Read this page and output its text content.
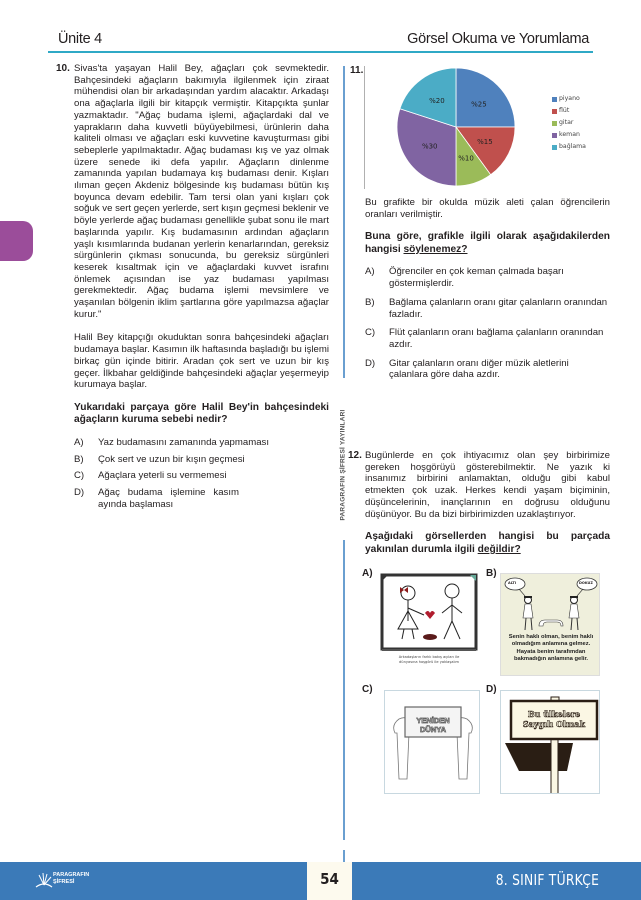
Ünite 4	Görsel Okuma ve Yorumlama
PARAGRAFIN ŞİFRESİ YAYINLARI
10. Sivas'ta yaşayan Halil Bey, ağaçları çok sevmektedir. Bahçesindeki ağaçların bakımıyla ilgilenmek için ziraat mühendisi olan bir arkadaşından yardım alacaktır. Arkadaşı ona ağaçlarla ilgili bir kitapçık vermiştir. Kitapçıkta şunlar yazmaktadır. "Ağaç budama işlemi, ağaçlardaki dal ve yaprakların daha kuvvetli büyüyebilmesi, ürünlerin daha kaliteli olması ve ağaçları eski kuvvetine kavuşturması gibi sebeplerle yapılmaktadır. Ağaç budaması kış ve yaz olmak üzere senede iki defa yapılır. Ağaçların dinlenme zamanında yapılan budamaya kış budaması denir. Kışları ılıman geçen Akdeniz bölgesinde kış budaması bütün kış boyunca devam edebilir. Tam tersi olan yani kışları çok soğuk ve sert geçen yerlerde, sert kışın geçmesi beklenir ve böyle yerlerde ağaç budaması genellikle şubat sonu ile mart başlarında yapılır. Kış budamasının ardından ağaçların yaşlı kısımlarında budanan yerlerin kenarlarından, gereksiz sürgünlerin çıkması sonucunda, bu gereksiz sürgünleri keserek kısaltmak için ve ağaçlardaki kuvvet israfını önlemek açısından ise yaz budaması yapılması gerekmektedir. Ağaç budama işlemi mevsimlere ve yaşanılan bölgenin iklim şartlarına göre yapılmazsa ağaçlar kurur."

Halil Bey kitapçığı okuduktan sonra bahçesindeki ağaçları budamaya başlar. Kasımın ilk haftasında başladığı bu işlemi birkaç gün içinde bitirir. Aradan çok sert ve uzun bir kış geçer. İlkbahar geldiğinde bahçesindeki ağaçlar yeşermeyip kurumaya başlar.

Yukarıdaki parçaya göre Halil Bey'in bahçesindeki ağaçların kuruma sebebi nedir?

A)	Yaz budamasını zamanında yapmaması
B)	Çok sert ve uzun bir kışın geçmesi
C)	Ağaçlara yeterli su vermemesi
D)	Ağaç budama işlemine kasım ayında başlaması
11.
%25
%15
%10
%30
%20	piyano
flüt
gitar
keman
bağlama

Bu grafikte bir okulda müzik aleti çalan öğrencilerin oranları verilmiştir.

Buna göre, grafikle ilgili olarak aşağıdakilerden hangisi söylenemez?

A)	Öğrenciler en çok keman çalmada başarı göstermişlerdir.
B)	Bağlama çalanların oranı gitar çalanların oranından fazladır.
C)	Flüt çalanların oranı bağlama çalanların oranından azdır.
D)	Gitar çalanların oranı diğer müzik aletlerini çalanlara göre daha azdır.
12. Bugünlerde en çok ihtiyacımız olan şey birbirimize gereken hoşgörüyü gösterebilmektir. Ne yazık ki insanımız birbirini anlamaktan, olduğu gibi kabul etmekten çok uzak. Herkes kendi yaşam biçiminin, düşüncelerinin, inançlarının en doğrusu olduğunu düşünüyor. Bu da bizi birbirimizden uzaklaştırıyor.

Aşağıdaki görsellerden hangisi bu parçada yakınılan durumla ilgili değildir?

A)
Arkadaşların farklı bakış açıları ile dünyasına hoşgörü ile yaklaşalım
B)
ALTI	DOKUZ
Senin haklı olman, benim haklı olmadığım anlamına gelmez. Hayata benim tarafımdan bakmadığın anlamına gelir.
C)
YENİDEN DÜNYA
D)
Bu ülkelere Saygılı Olmak
PARAGRAFIN
ŞİFRESİ	54	8. SINIF TÜRKÇE
